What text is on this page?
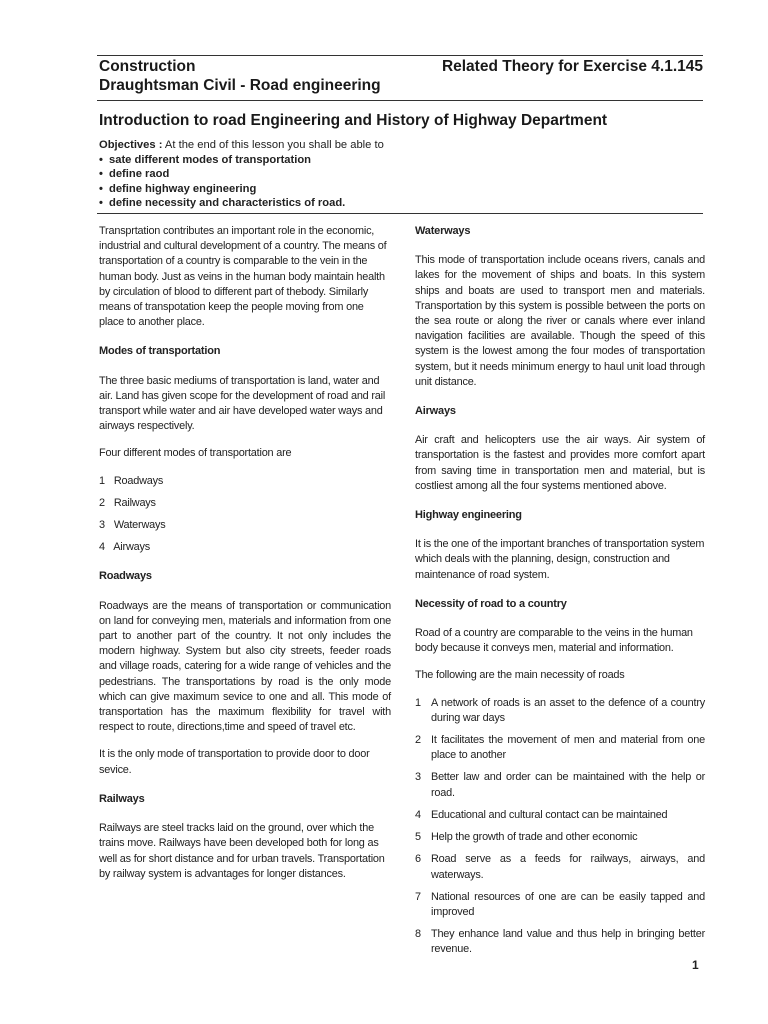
Construction	Related Theory for Exercise 4.1.145
Draughtsman Civil - Road engineering
Introduction to road Engineering and History of Highway Department
Objectives : At the end of this lesson you shall be able to
• sate different modes of transportation
• define raod
• define highway engineering
• define necessity and characteristics of road.

Transprtation contributes an important role in the economic, industrial and cultural development of a country. The means of transportation of a country is comparable to the vein in the human body. Just as veins in the human body maintain health by circulation of blood to different part of thebody. Similarly means of transpotation keep the people moving from one place to another place.

Modes of transportation

The three basic mediums of transportation is land, water and air. Land has given scope for the development of road and rail transport while water and air have developed water ways and airways respectively.

Four different modes of transportation are

1 Roadways
2 Railways
3 Waterways
4 Airways
Roadways

Roadways are the means of transportation or communication on land for conveying men, materials and information from one part to another part of the country. It not only includes the modern highway. System but also city streets, feeder roads and village roads, catering for a wide range of vehicles and the pedestrians. The transportations by road is the only mode which can give maximum sevice to one and all. This mode of transportation has the maximum flexibility for travel with respect to route, directions,time and speed of travel etc.

It is the only mode of transportation to provide door to door sevice.

Railways

Railways are steel tracks laid on the ground, over which the trains move. Railways have been developed both for long as well as for short distance and for urban travels. Transportation by railway system is advantages for longer distances.

Waterways

This mode of transportation include oceans rivers, canals and lakes for the movement of ships and boats. In this system ships and boats are used to transport men and materials. Transportation by this system is possible between the ports on the sea route or along the river or canals where ever inland navigation facilities are available. Though the speed of this system is the lowest among the four modes of transportation system, but it needs minimum energy to haul unit load through unit distance.

Airways

Air craft and helicopters use the air ways. Air system of transportation is the fastest and provides more comfort apart from saving time in transportation men and material, but is costliest among all the four systems mentioned above.

Highway engineering

It is the one of the important branches of transportation system which deals with the planning, design, construction and maintenance of road system.

Necessity of road to a country

Road of a country are comparable to the veins in the human body because it conveys men, material and information.

The following are the main necessity of roads

1 A network of roads is an asset to the defence of a country during war days
2 It facilitates the movement of men and material from one place to another
3 Better law and order can be maintained with the help or road.
4 Educational and cultural contact can be maintained
5 Help the growth of trade and other economic
6 Road serve as a feeds for railways, airways, and waterways.
7 National resources of one are can be easily tapped and improved
8 They enhance land value and thus help in bringing better revenue.
1
